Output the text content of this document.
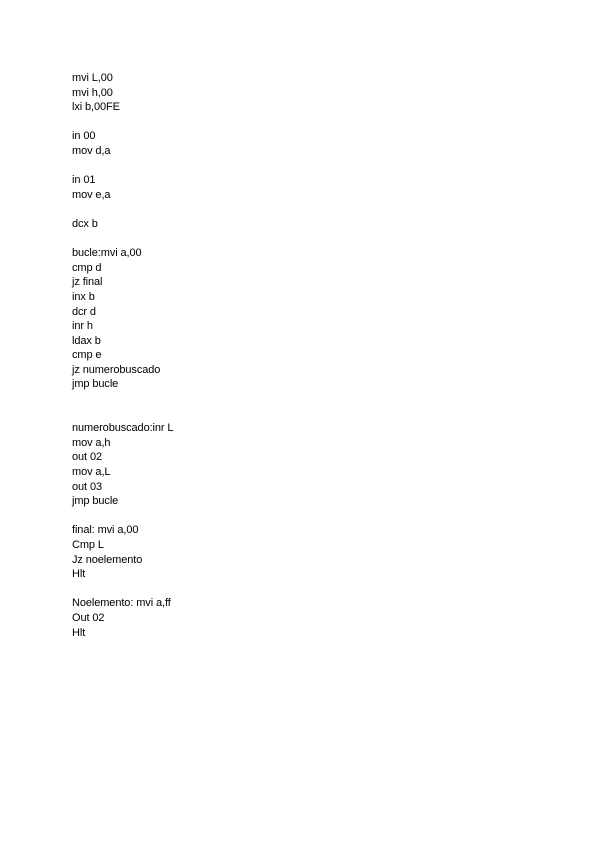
mvi L,00
mvi h,00
lxi b,00FE
in 00
mov d,a
in 01
mov e,a
dcx b
bucle:mvi a,00
cmp d
jz final
inx b
dcr d
inr h
ldax b
cmp e
jz numerobuscado
jmp bucle
numerobuscado:inr L
mov a,h
out 02
mov a,L
out 03
jmp bucle
final: mvi a,00
Cmp L
Jz noelemento
Hlt
Noelemento: mvi a,ff
Out 02
Hlt
